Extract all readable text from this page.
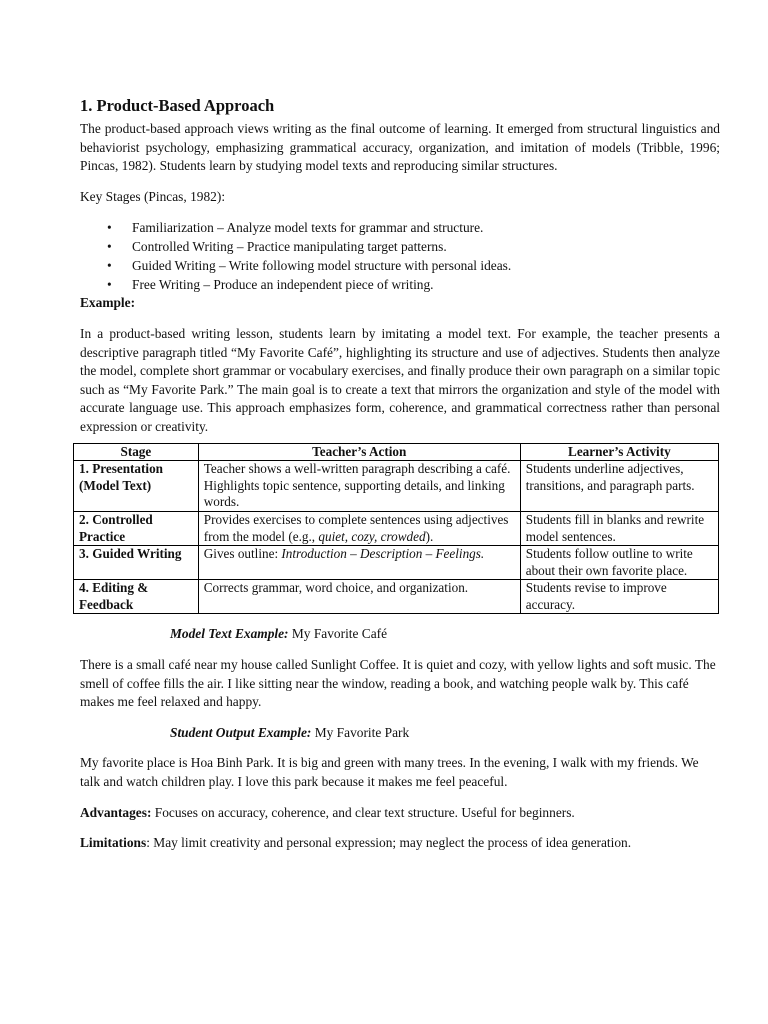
1. Product-Based Approach

The product-based approach views writing as the final outcome of learning. It emerged from structural linguistics and behaviorist psychology, emphasizing grammatical accuracy, organization, and imitation of models (Tribble, 1996; Pincas, 1982). Students learn by studying model texts and reproducing similar structures.

Key Stages (Pincas, 1982):

• Familiarization – Analyze model texts for grammar and structure.
• Controlled Writing – Practice manipulating target patterns.
• Guided Writing – Write following model structure with personal ideas.
• Free Writing – Produce an independent piece of writing.

Example:

In a product-based writing lesson, students learn by imitating a model text. For example, the teacher presents a descriptive paragraph titled “My Favorite Café”, highlighting its structure and use of adjectives. Students then analyze the model, complete short grammar or vocabulary exercises, and finally produce their own paragraph on a similar topic such as “My Favorite Park.” The main goal is to create a text that mirrors the organization and style of the model with accurate language use. This approach emphasizes form, coherence, and grammatical correctness rather than personal expression or creativity.

Stage	Teacher’s Action	Learner’s Activity
1. Presentation (Model Text)	Teacher shows a well-written paragraph describing a café. Highlights topic sentence, supporting details, and linking words.	Students underline adjectives, transitions, and paragraph parts.
2. Controlled Practice	Provides exercises to complete sentences using adjectives from the model (e.g., quiet, cozy, crowded).	Students fill in blanks and rewrite model sentences.
3. Guided Writing	Gives outline: Introduction – Description – Feelings.	Students follow outline to write about their own favorite place.
4. Editing & Feedback	Corrects grammar, word choice, and organization.	Students revise to improve accuracy.

Model Text Example: My Favorite Café

There is a small café near my house called Sunlight Coffee. It is quiet and cozy, with yellow lights and soft music. The smell of coffee fills the air. I like sitting near the window, reading a book, and watching people walk by. This café makes me feel relaxed and happy.

Student Output Example: My Favorite Park

My favorite place is Hoa Binh Park. It is big and green with many trees. In the evening, I walk with my friends. We talk and watch children play. I love this park because it makes me feel peaceful.

Advantages: Focuses on accuracy, coherence, and clear text structure. Useful for beginners.

Limitations: May limit creativity and personal expression; may neglect the process of idea generation.
